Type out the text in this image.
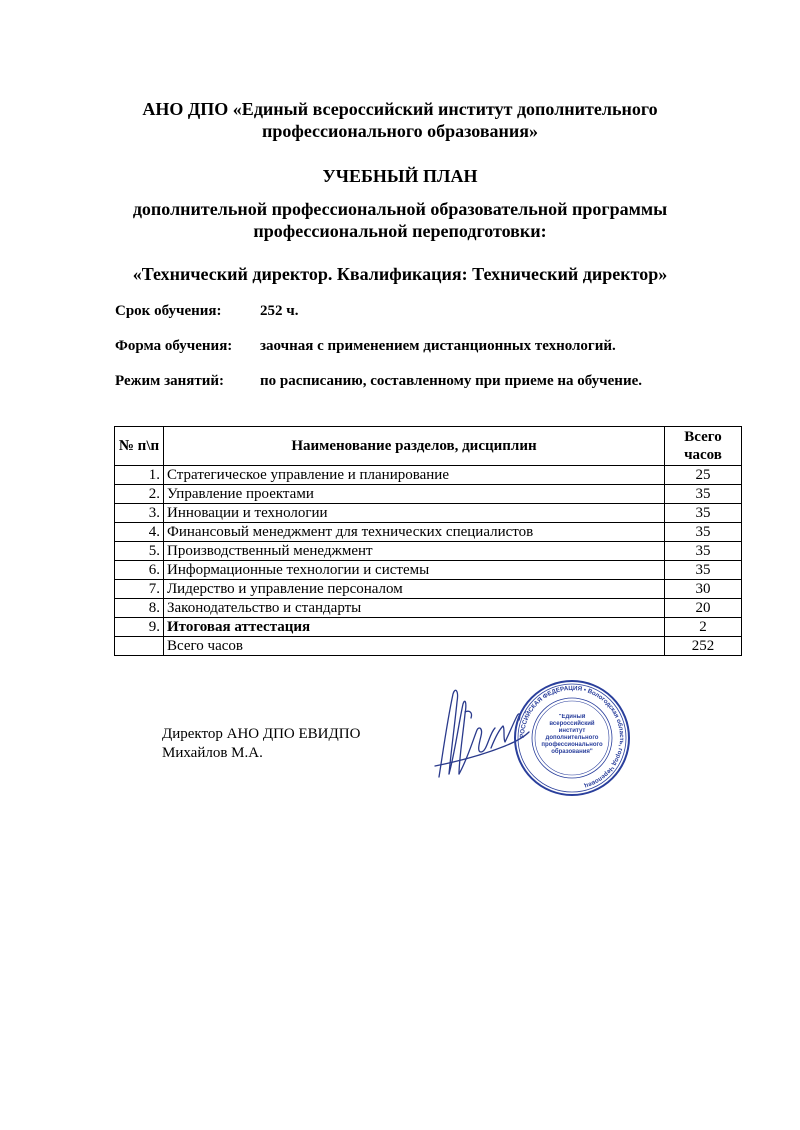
АНО ДПО «Единый всероссийский институт дополнительного

профессионального образования»

УЧЕБНЫЙ ПЛАН

дополнительной профессиональной образовательной программы

профессиональной переподготовки:

«Технический директор. Квалификация: Технический директор»

Срок обучения:	252 ч.
Форма обучения: заочная с применением дистанционных технологий.
Режим занятий: по расписанию, составленному при приеме на обучение.
№ п\п	Наименование разделов, дисциплин	Всего
часов
1.	Стратегическое управление и планирование	25
2.	Управление проектами	35
3.	Инновации и технологии	35
4.	Финансовый менеджмент для технических специалистов	35
5.	Производственный менеджмент	35
6.	Информационные технологии и системы	35
7.	Лидерство и управление персоналом	30
8.	Законодательство и стандарты	20
9.	Итоговая аттестация	2
	Всего часов	252
Директор АНО ДПО ЕВИДПО
Михайлов М.А.
РОССИЙСКАЯ ФЕДЕРАЦИЯ • Вологодская область, город Череповец
"Единый всероссийский институт дополнительного профессионального образования"
